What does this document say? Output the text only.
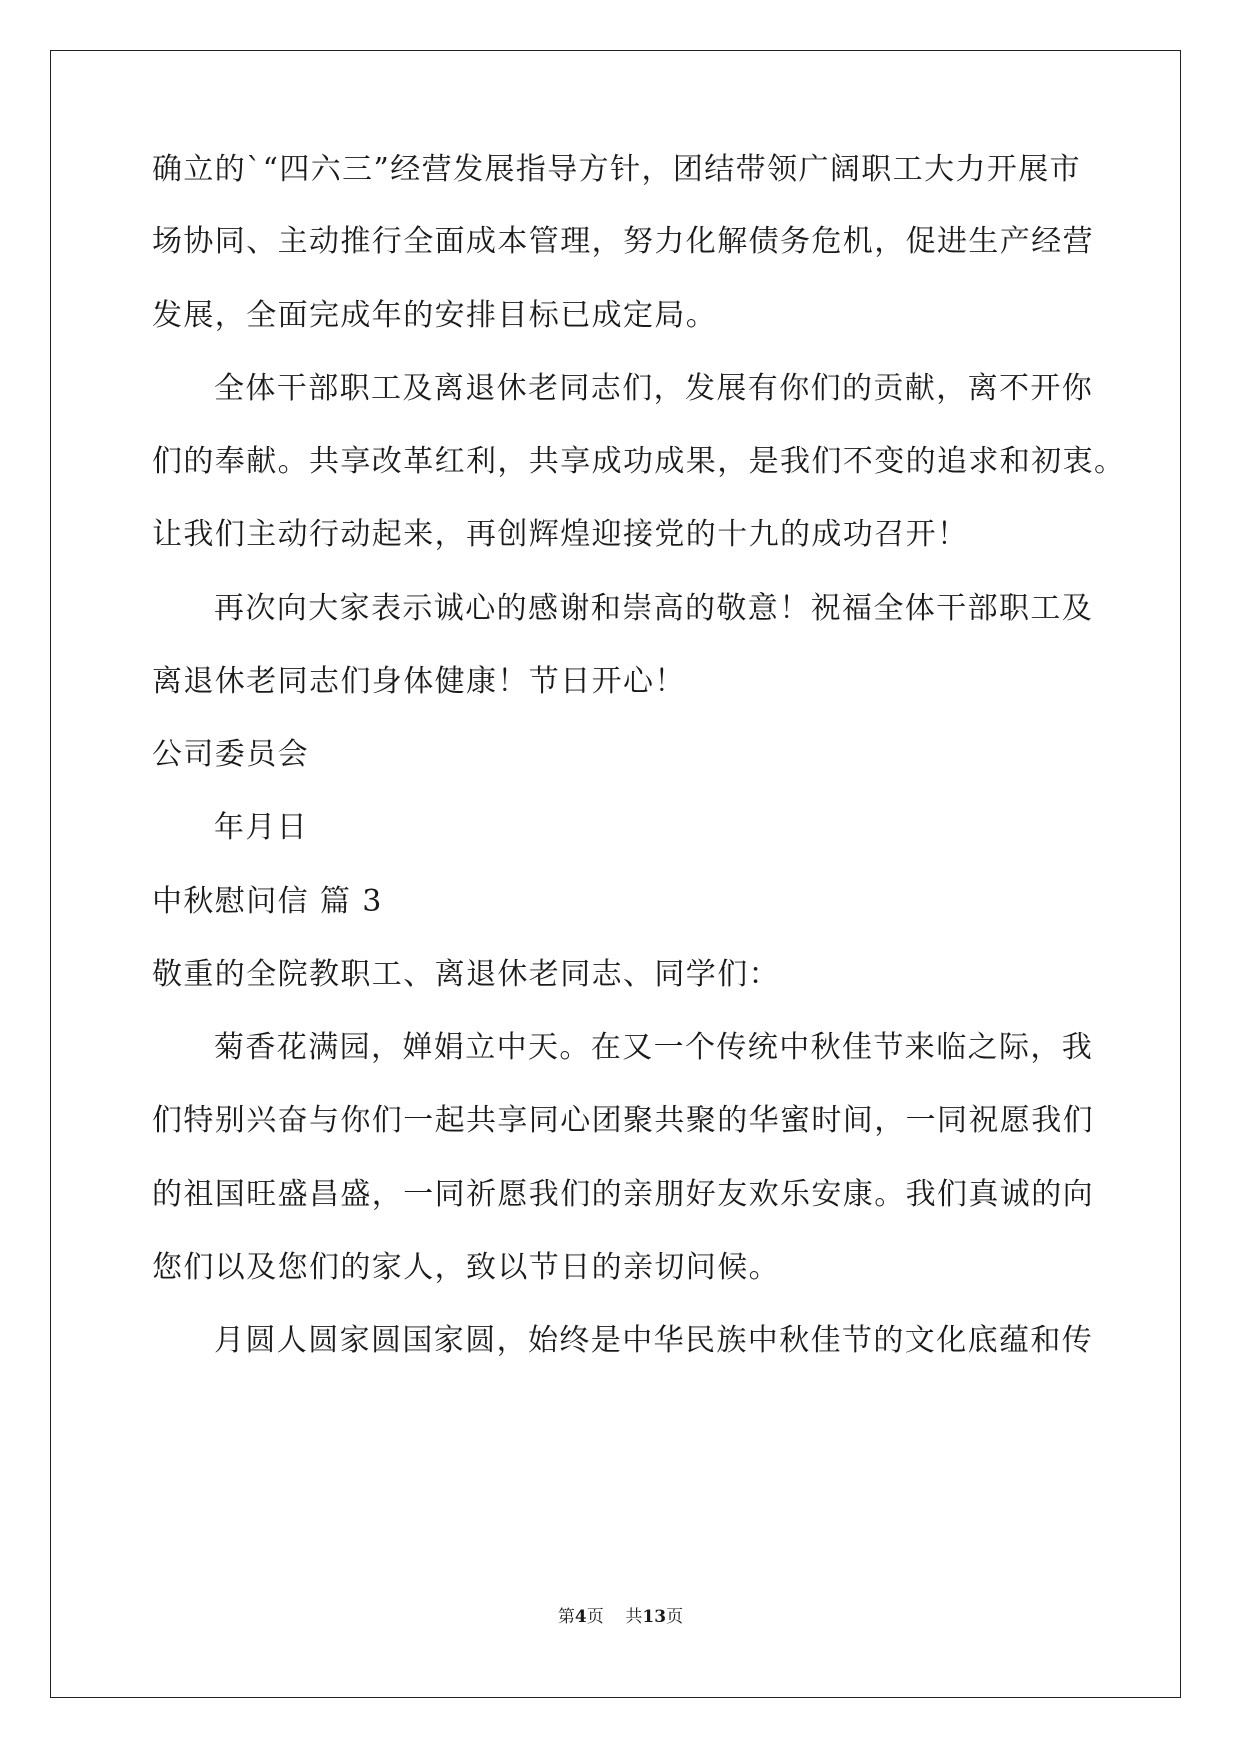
确立的`“四六三”经营发展指导方针，团结带领广阔职工大力开展市
场协同、主动推行全面成本管理，努力化解债务危机，促进生产经营
发展，全面完成年的安排目标已成定局。
全体干部职工及离退休老同志们，发展有你们的贡献，离不开你
们的奉献。共享改革红利，共享成功成果，是我们不变的追求和初衷。
让我们主动行动起来，再创辉煌迎接党的十九的成功召开！
再次向大家表示诚心的感谢和崇高的敬意！祝福全体干部职工及
离退休老同志们身体健康！节日开心！
公司委员会
年月日
中秋慰问信 篇 3
敬重的全院教职工、离退休老同志、同学们：
菊香花满园，婵娟立中天。在又一个传统中秋佳节来临之际，我
们特别兴奋与你们一起共享同心团聚共聚的华蜜时间，一同祝愿我们
的祖国旺盛昌盛，一同祈愿我们的亲朋好友欢乐安康。我们真诚的向
您们以及您们的家人，致以节日的亲切问候。
月圆人圆家圆国家圆，始终是中华民族中秋佳节的文化底蕴和传
第4页 共13页
